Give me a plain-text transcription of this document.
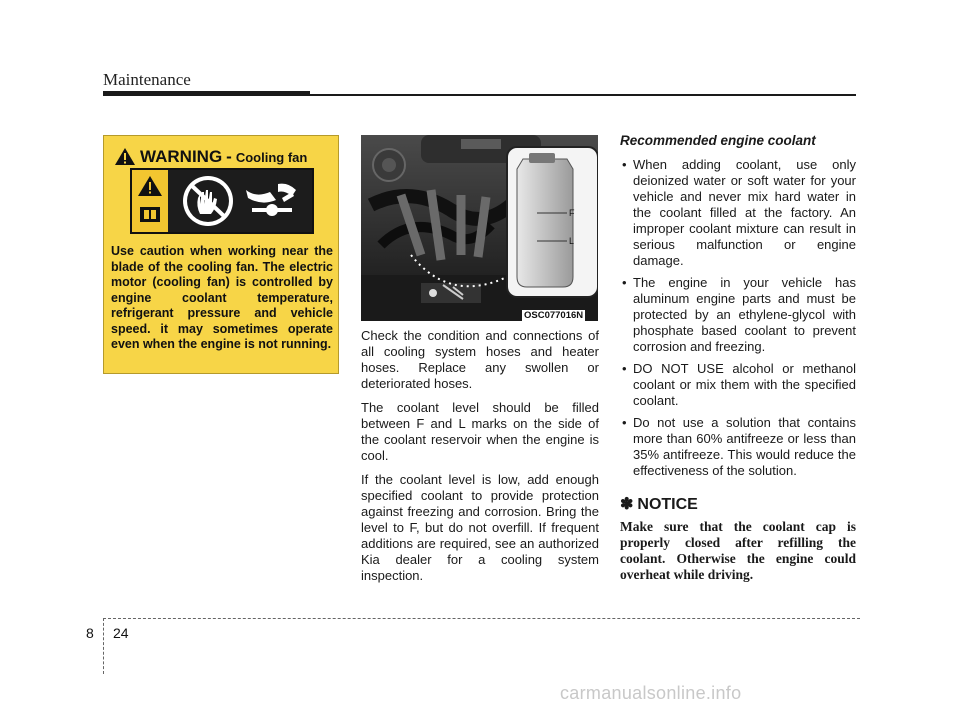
Maintenance
WARNING - Cooling fan
Use caution when working near the blade of the cooling fan. The electric motor (cooling fan) is controlled by engine coolant temperature, refrigerant pressure and vehicle speed. it may sometimes operate even when the engine is not running.
F
L
OSC077016N

Check the condition and connections of all cooling system hoses and heater hoses. Replace any swollen or deteriorated hoses.

The coolant level should be filled between F and L marks on the side of the coolant reservoir when the engine is cool.

If the coolant level is low, add enough specified coolant to provide protection against freezing and corrosion. Bring the level to F, but do not overfill. If frequent additions are required, see an authorized Kia dealer for a cooling system inspection.

Recommended engine coolant
• When adding coolant, use only deionized water or soft water for your vehicle and never mix hard water in the coolant filled at the factory. An improper coolant mixture can result in serious malfunction or engine damage.
• The engine in your vehicle has aluminum engine parts and must be protected by an ethylene-glycol with phosphate based coolant to prevent corrosion and freezing.
• DO NOT USE alcohol or methanol coolant or mix them with the specified coolant.
• Do not use a solution that contains more than 60% antifreeze or less than 35% antifreeze. This would reduce the effectiveness of the solution.
✽ NOTICE
Make sure that the coolant cap is properly closed after refilling the coolant. Otherwise the engine could overheat while driving.
8 24
carmanualsonline.info
